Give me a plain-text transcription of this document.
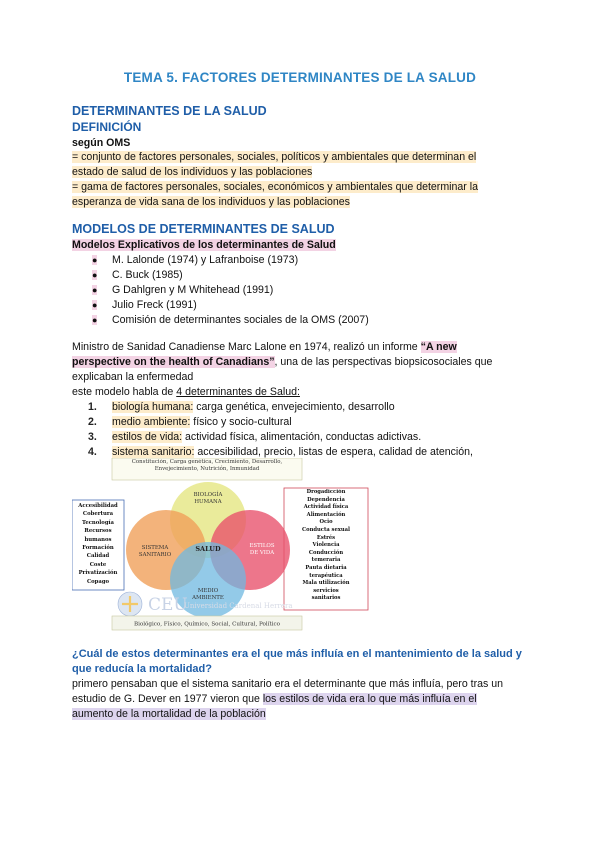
TEMA 5. FACTORES DETERMINANTES DE LA SALUD
DETERMINANTES DE LA SALUD
DEFINICIÓN
según OMS
= conjunto de factores personales, sociales, políticos y ambientales que determinan el
estado de salud de los individuos y las poblaciones
= gama de factores personales, sociales, económicos y ambientales que determinar la
esperanza de vida sana de los individuos y las poblaciones
MODELOS DE DETERMINANTES DE SALUD
Modelos Explicativos de los determinantes de Salud
● M. Lalonde (1974) y Lafranboise (1973)
● C. Buck (1985)
● G Dahlgren y M Whitehead (1991)
● Julio Freck (1991)
● Comisión de determinantes sociales de la OMS (2007)
Ministro de Sanidad Canadiense Marc Lalone en 1974, realizó un informe “A new
perspective on the health of Canadians”, una de las perspectivas biopsicosociales que
explicaban la enfermedad
este modelo habla de 4 determinantes de Salud:
1. biología humana: carga genética, envejecimiento, desarrollo
2. medio ambiente: físico y socio-cultural
3. estilos de vida: actividad física, alimentación, conductas adictivas.
4. sistema sanitario: accesibilidad, precio, listas de espera, calidad de atención,
Constitución, Carga genética, Crecimiento, Desarrollo, Envejecimiento, Nutrición, Inmunidad
Accesibilidad
Cobertura
Tecnología
Recursos
humanos
Formación
Calidad
Coste
Privatización
Copago
Drogadicción
Dependencia
Actividad física
Alimentación
Ocio
Conducta sexual
Estrés
Violencia
Conducción
temeraria
Pauta dietaria
terapéutica
Mala utilización
servicios
sanitarios
CEU
Universidad Cardenal Herrera
BIOLOGÍA HUMANA
SISTEMA SANITARIO
ESTILOS DE VIDA
MEDIO AMBIENTE
SALUD
Biológico, Físico, Químico, Social, Cultural, Político
¿Cuál de estos determinantes era el que más influía en el mantenimiento de la salud y
que reducía la mortalidad?
primero pensaban que el sistema sanitario era el determinante que más influía, pero tras un
estudio de G. Dever en 1977 vieron que los estilos de vida era lo que más influía en el
aumento de la mortalidad de la población
